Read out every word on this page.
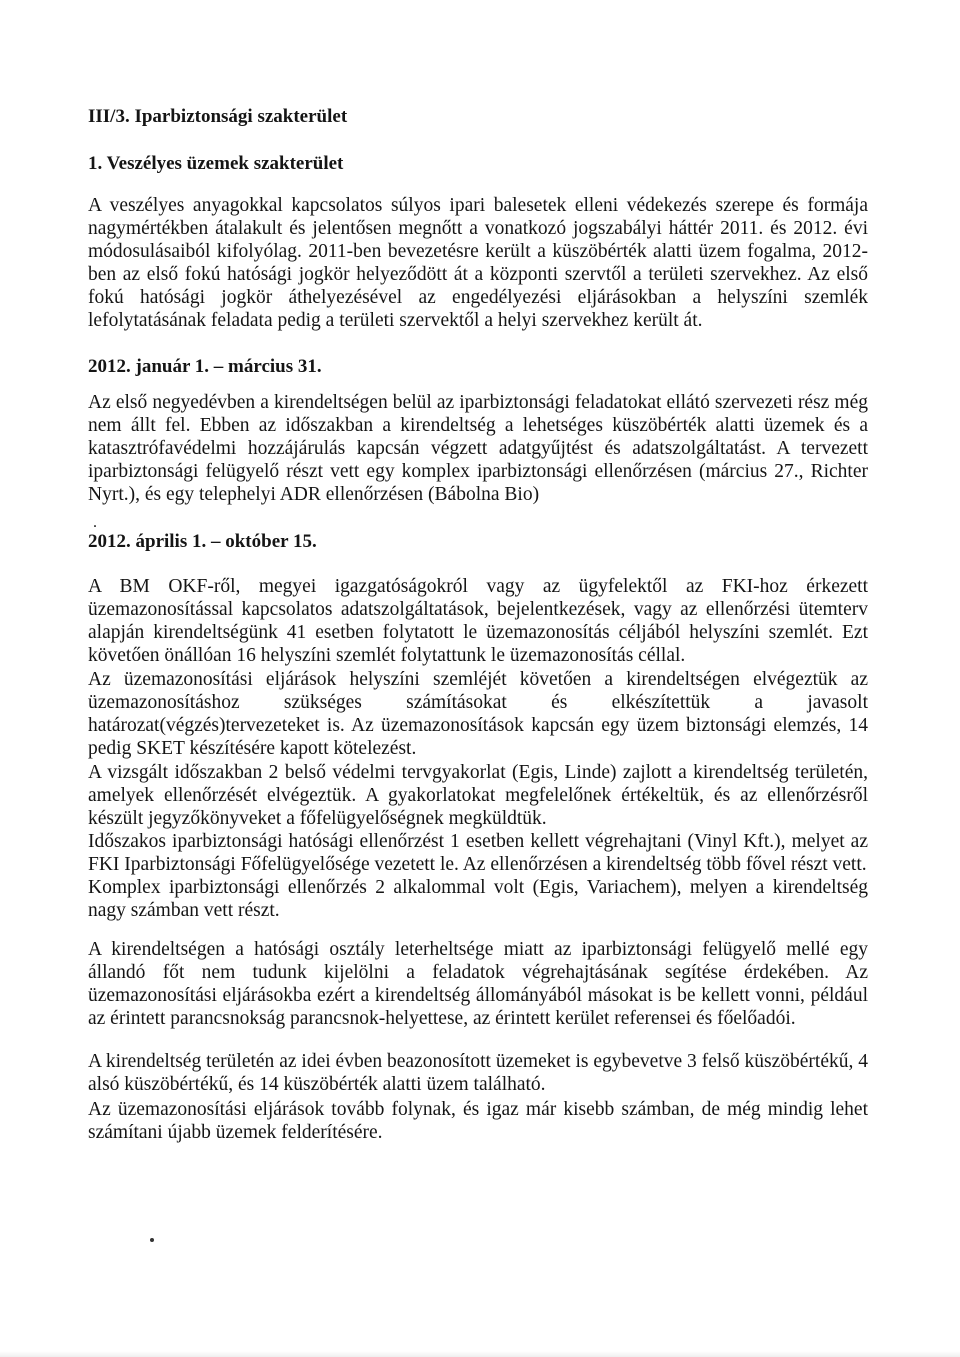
III/3. Iparbiztonsági szakterület

1. Veszélyes üzemek szakterület

A veszélyes anyagokkal kapcsolatos súlyos ipari balesetek elleni védekezés szerepe és formája nagymértékben átalakult és jelentősen megnőtt a vonatkozó jogszabályi háttér 2011. és 2012. évi módosulásaiból kifolyólag. 2011-ben bevezetésre került a küszöbérték alatti üzem fogalma, 2012-ben az első fokú hatósági jogkör helyeződött át a központi szervtől a területi szervekhez. Az első fokú hatósági jogkör áthelyezésével az engedélyezési eljárásokban a helyszíni szemlék lefolytatásának feladata pedig a területi szervektől a helyi szervekhez került át.

2012. január 1. – március 31.

Az első negyedévben a kirendeltségen belül az iparbiztonsági feladatokat ellátó szervezeti rész még nem állt fel. Ebben az időszakban a kirendeltség a lehetséges küszöbérték alatti üzemek és a katasztrófavédelmi hozzájárulás kapcsán végzett adatgyűjtést és adatszolgáltatást. A tervezett iparbiztonsági felügyelő részt vett egy komplex iparbiztonsági ellenőrzésen (március 27., Richter Nyrt.), és egy telephelyi ADR ellenőrzésen (Bábolna Bio)

.

2012. április 1. – október 15.

A BM OKF-ről, megyei igazgatóságokról vagy az ügyfelektől az FKI-hoz érkezett üzemazonosítással kapcsolatos adatszolgáltatások, bejelentkezések, vagy az ellenőrzési ütemterv alapján kirendeltségünk 41 esetben folytatott le üzemazonosítás céljából helyszíni szemlét. Ezt követően önállóan 16 helyszíni szemlét folytattunk le üzemazonosítás céllal.

Az üzemazonosítási eljárások helyszíni szemléjét követően a kirendeltségen elvégeztük az üzemazonosításhoz szükséges számításokat és elkészítettük a javasolt határozat(végzés)tervezeteket is. Az üzemazonosítások kapcsán egy üzem biztonsági elemzés, 14 pedig SKET készítésére kapott kötelezést.

A vizsgált időszakban 2 belső védelmi tervgyakorlat (Egis, Linde) zajlott a kirendeltség területén, amelyek ellenőrzését elvégeztük. A gyakorlatokat megfelelőnek értékeltük, és az ellenőrzésről készült jegyzőkönyveket a főfelügyelőségnek megküldtük.

Időszakos iparbiztonsági hatósági ellenőrzést 1 esetben kellett végrehajtani (Vinyl Kft.), melyet az FKI Iparbiztonsági Főfelügyelősége vezetett le. Az ellenőrzésen a kirendeltség több fővel részt vett.

Komplex iparbiztonsági ellenőrzés 2 alkalommal volt (Egis, Variachem), melyen a kirendeltség nagy számban vett részt.

A kirendeltségen a hatósági osztály leterheltsége miatt az iparbiztonsági felügyelő mellé egy állandó főt nem tudunk kijelölni a feladatok végrehajtásának segítése érdekében. Az üzemazonosítási eljárásokba ezért a kirendeltség állományából másokat is be kellett vonni, például az érintett parancsnokság parancsnok-helyettese, az érintett kerület referensei és főelőadói.

A kirendeltség területén az idei évben beazonosított üzemeket is egybevetve 3 felső küszöbértékű, 4 alsó küszöbértékű, és 14 küszöbérték alatti üzem található.

Az üzemazonosítási eljárások tovább folynak, és igaz már kisebb számban, de még mindig lehet számítani újabb üzemek felderítésére.
